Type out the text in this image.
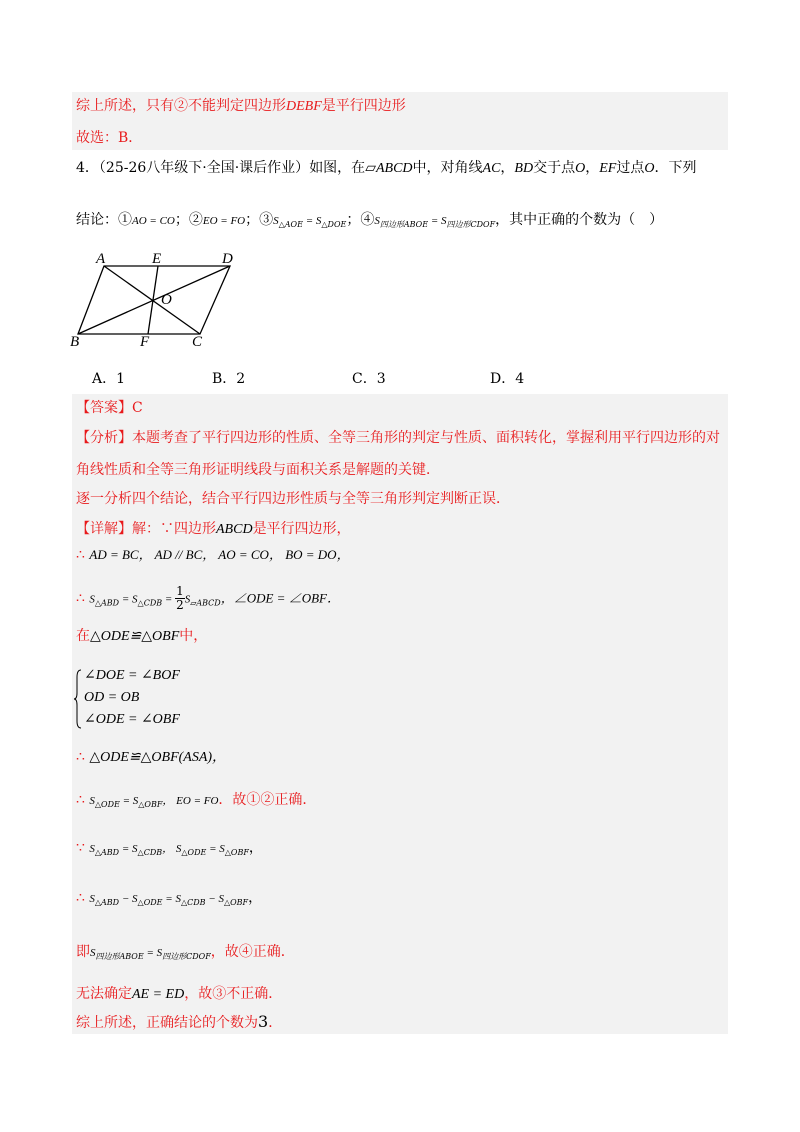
综上所述，只有②不能判定四边形DEBF是平行四边形
故选：B．
4．（25-26八年级下·全国·课后作业）如图，在▱ABCD中，对角线AC，BD交于点O，EF过点O．下列
结论：①AO = CO；②EO = FO；$③S_{\triangle AOE} = S_{\triangle DOE}$；$④S_{四边形ABOE} = S_{四边形CDOF}$，其中正确的个数为（　）
A	E	D
O
B	F	C
A．1	B．2	C．3	D．4
【答案】C
【分析】本题考查了平行四边形的性质、全等三角形的判定与性质、面积转化，掌握利用平行四边形的对
角线性质和全等三角形证明线段与面积关系是解题的关键．
逐一分析四个结论，结合平行四边形性质与全等三角形判定判断正误．
【详解】解：∵四边形ABCD是平行四边形，
∴ AD = BC， AD // BC， AO = CO， BO = DO，
∴ $S_{\triangle ABD} = S_{\triangle CDB} = \frac{1}{2} S_{▱ABCD}$，∠ODE = ∠OBF．
在△ODE≌△OBF中，
∠DOE = ∠BOF
OD = OB
∠ODE = ∠OBF
∴ △ODE≌△OBF(ASA)，
∴ $S_{\triangle ODE} = S_{\triangle OBF}$， EO = FO．故①②正确．
∵ $S_{\triangle ABD} = S_{\triangle CDB}$， $S_{\triangle ODE} = S_{\triangle OBF}$，
∴ $S_{\triangle ABD} - S_{\triangle ODE} = S_{\triangle CDB} - S_{\triangle OBF}$，
即$S_{四边形ABOE} = S_{四边形CDOF}$，故④正确．
无法确定AE = ED，故③不正确．
综上所述，正确结论的个数为3．
